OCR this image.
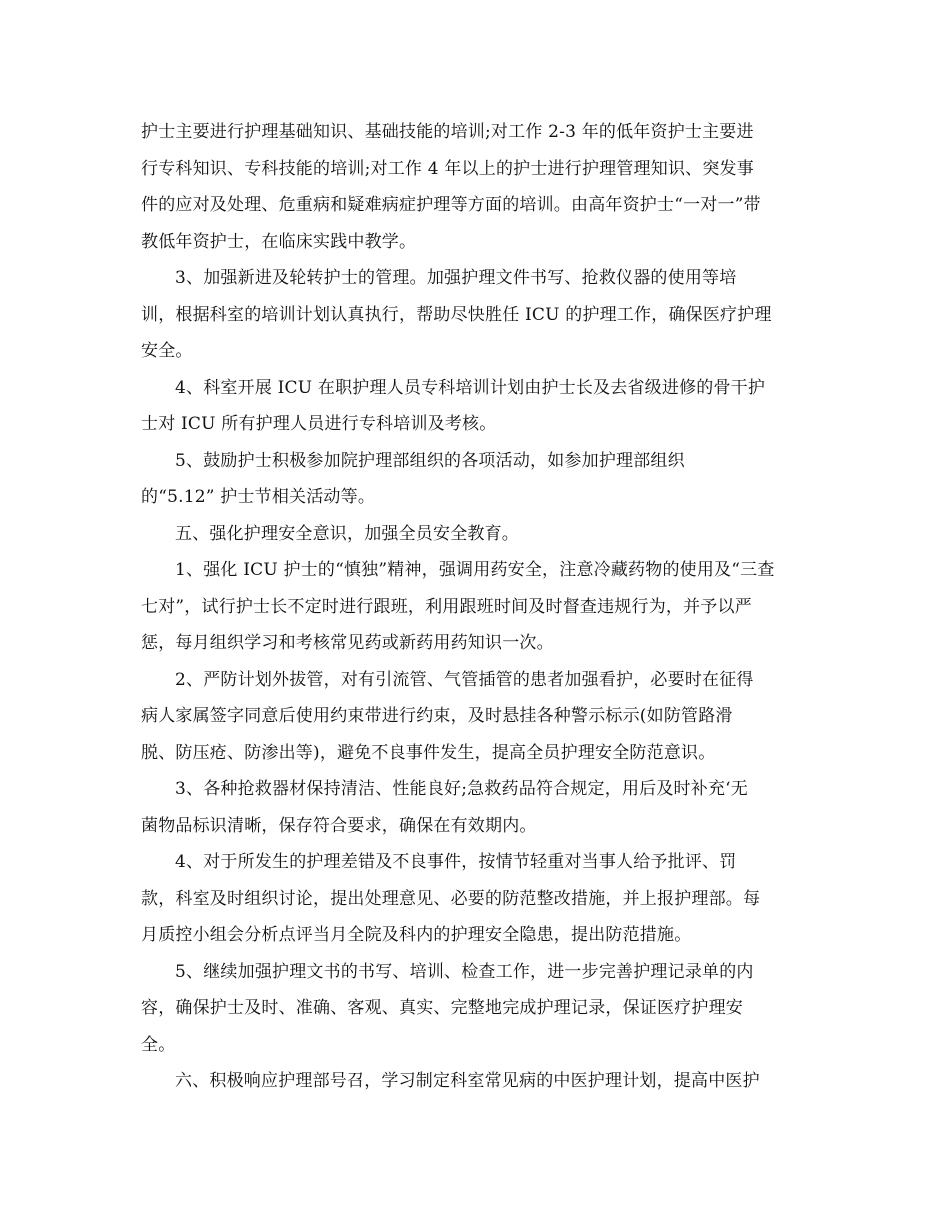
护士主要进行护理基础知识、基础技能的培训;对工作 2-3 年的低年资护士主要进
行专科知识、专科技能的培训;对工作 4 年以上的护士进行护理管理知识、突发事
件的应对及处理、危重病和疑难病症护理等方面的培训。由高年资护士“一对一”带
教低年资护士，在临床实践中教学。

3、加强新进及轮转护士的管理。加强护理文件书写、抢救仪器的使用等培
训，根据科室的培训计划认真执行，帮助尽快胜任 ICU 的护理工作，确保医疗护理
安全。

4、科室开展 ICU 在职护理人员专科培训计划由护士长及去省级进修的骨干护
士对 ICU 所有护理人员进行专科培训及考核。

5、鼓励护士积极参加院护理部组织的各项活动，如参加护理部组织
的“5.12” 护士节相关活动等。

五、强化护理安全意识，加强全员安全教育。

1、强化 ICU 护士的“慎独”精神，强调用药安全，注意冷藏药物的使用及“三查
七对”，试行护士长不定时进行跟班，利用跟班时间及时督查违规行为，并予以严
惩，每月组织学习和考核常见药或新药用药知识一次。

2、严防计划外拔管，对有引流管、气管插管的患者加强看护，必要时在征得
病人家属签字同意后使用约束带进行约束，及时悬挂各种警示标示(如防管路滑
脱、防压疮、防渗出等)，避免不良事件发生，提高全员护理安全防范意识。

3、各种抢救器材保持清洁、性能良好;急救药品符合规定，用后及时补充‘无
菌物品标识清晰，保存符合要求，确保在有效期内。

4、对于所发生的护理差错及不良事件，按情节轻重对当事人给予批评、罚
款，科室及时组织讨论，提出处理意见、必要的防范整改措施，并上报护理部。每
月质控小组会分析点评当月全院及科内的护理安全隐患，提出防范措施。

5、继续加强护理文书的书写、培训、检查工作，进一步完善护理记录单的内
容，确保护士及时、准确、客观、真实、完整地完成护理记录，保证医疗护理安
全。

六、积极响应护理部号召，学习制定科室常见病的中医护理计划，提高中医护
